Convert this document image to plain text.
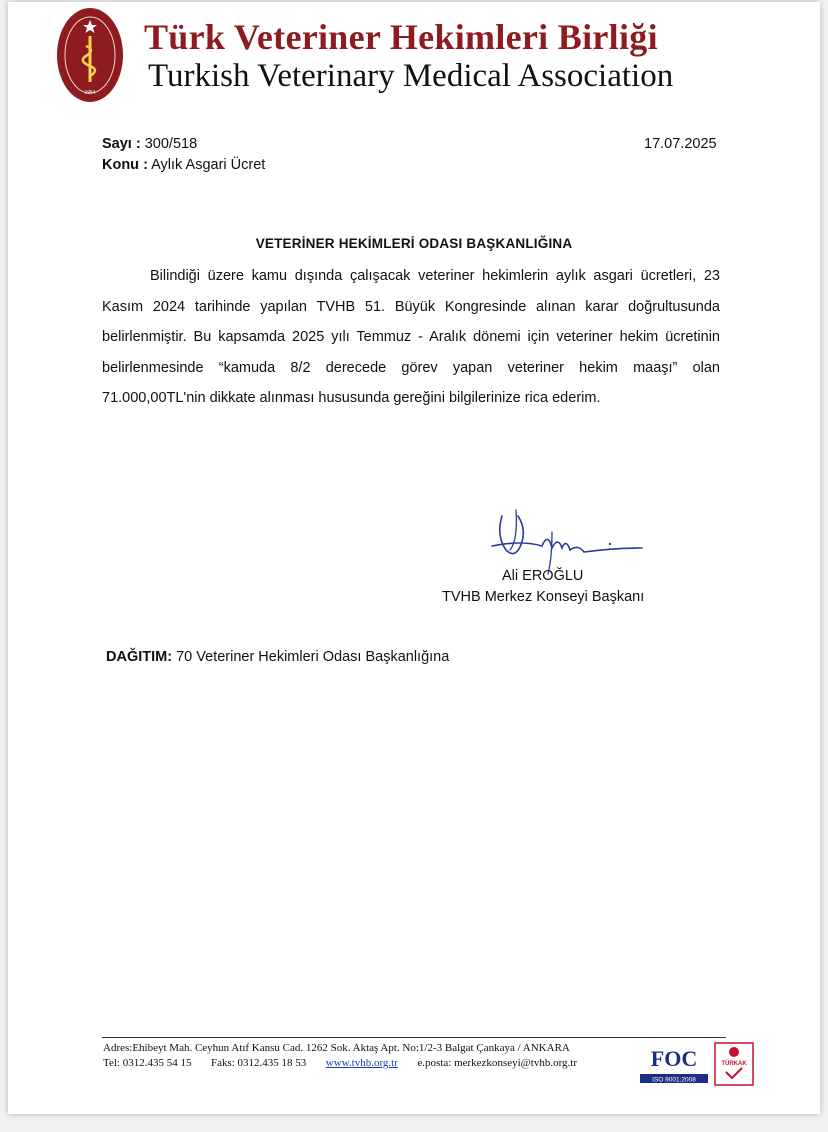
1954
Türk Veteriner Hekimleri Birliği
Turkish Veterinary Medical Association
Sayı : 300/518
Konu : Aylık Asgari Ücret
17.07.2025
VETERİNER HEKİMLERİ ODASI BAŞKANLIĞINA
Bilindiği üzere kamu dışında çalışacak veteriner hekimlerin aylık asgari ücretleri, 23 Kasım 2024 tarihinde yapılan TVHB 51. Büyük Kongresinde alınan karar doğrultusunda belirlenmiştir. Bu kapsamda 2025 yılı Temmuz - Aralık dönemi için veteriner hekim ücretinin belirlenmesinde “kamuda 8/2 derecede görev yapan veteriner hekim maaşı” olan 71.000,00TL'nin dikkate alınması hususunda gereğini bilgilerinize rica ederim.
Ali EROĞLU
TVHB Merkez Konseyi Başkanı
DAĞITIM: 70 Veteriner Hekimleri Odası Başkanlığına
Adres:Ehibeyt Mah. Ceyhun Atıf Kansu Cad. 1262 Sok. Aktaş Apt. No:1/2-3 Balgat Çankaya / ANKARA
Tel: 0312.435 54 15 Faks: 0312.435 18 53 www.tvhb.org.tr e.posta: merkezkonseyi@tvhb.org.tr	FOC
ISO 9001:2008
TÜRKAK
